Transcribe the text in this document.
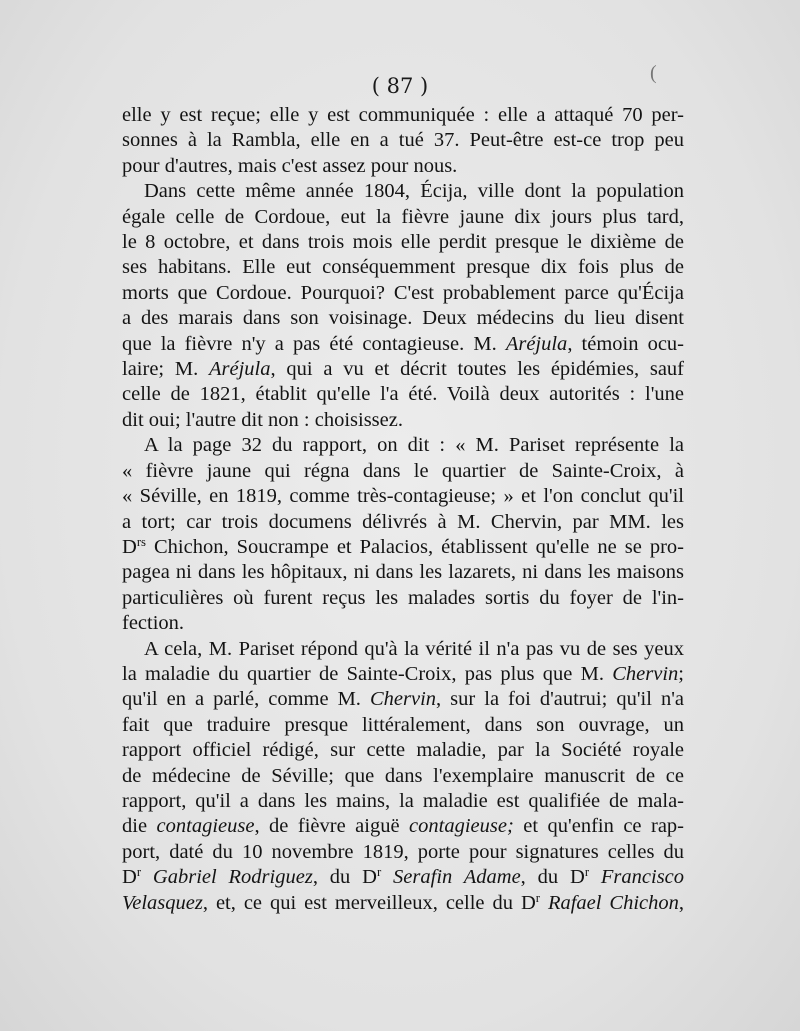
(
( 87 )
elle y est reçue; elle y est communiquée : elle a attaqué 70 per-
sonnes à la Rambla, elle en a tué 37. Peut-être est-ce trop peu
pour d'autres, mais c'est assez pour nous.
Dans cette même année 1804, Écija, ville dont la population
égale celle de Cordoue, eut la fièvre jaune dix jours plus tard,
le 8 octobre, et dans trois mois elle perdit presque le dixième de
ses habitans. Elle eut conséquemment presque dix fois plus de
morts que Cordoue. Pourquoi? C'est probablement parce qu'Écija
a des marais dans son voisinage. Deux médecins du lieu disent
que la fièvre n'y a pas été contagieuse. M. Aréjula, témoin ocu-
laire; M. Aréjula, qui a vu et décrit toutes les épidémies, sauf
celle de 1821, établit qu'elle l'a été. Voilà deux autorités : l'une
dit oui; l'autre dit non : choisissez.
A la page 32 du rapport, on dit : « M. Pariset représente la
« fièvre jaune qui régna dans le quartier de Sainte-Croix, à
« Séville, en 1819, comme très-contagieuse; » et l'on conclut qu'il
a tort; car trois documens délivrés à M. Chervin, par MM. les
$D^{rs}$ Chichon, Soucrampe et Palacios, établissent qu'elle ne se pro-
pagea ni dans les hôpitaux, ni dans les lazarets, ni dans les maisons
particulières où furent reçus les malades sortis du foyer de l'in-
fection.
A cela, M. Pariset répond qu'à la vérité il n'a pas vu de ses yeux
la maladie du quartier de Sainte-Croix, pas plus que M. Chervin;
qu'il en a parlé, comme M. Chervin, sur la foi d'autrui; qu'il n'a
fait que traduire presque littéralement, dans son ouvrage, un
rapport officiel rédigé, sur cette maladie, par la Société royale
de médecine de Séville; que dans l'exemplaire manuscrit de ce
rapport, qu'il a dans les mains, la maladie est qualifiée de mala-
die contagieuse, de fièvre aiguë contagieuse; et qu'enfin ce rap-
port, daté du 10 novembre 1819, porte pour signatures celles du
$D^r$ Gabriel Rodriguez, du $D^r$ Serafin Adame, du $D^r$ Francisco
Velasquez, et, ce qui est merveilleux, celle du $D^r$ Rafael Chichon,
